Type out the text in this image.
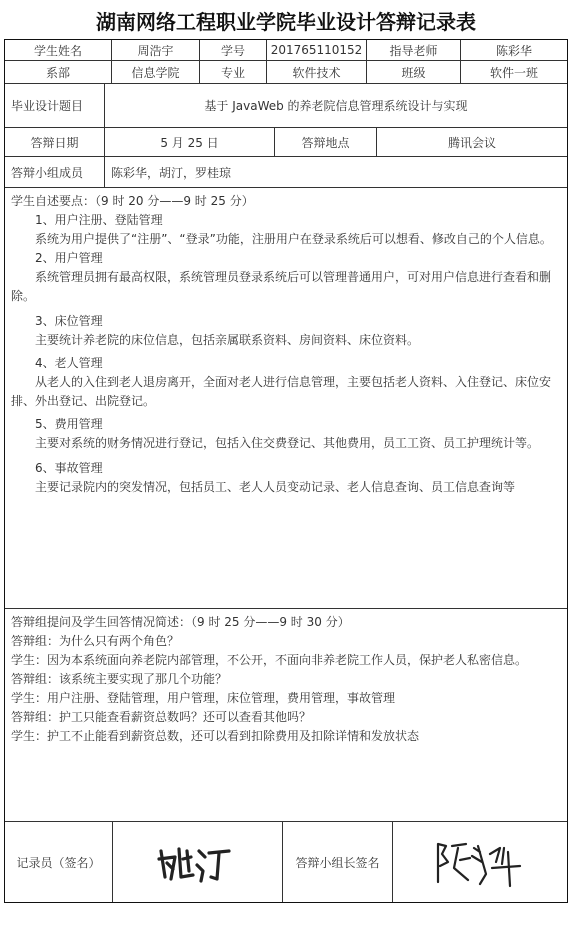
湖南网络工程职业学院毕业设计答辩记录表
学生姓名	周浩宇	学号	201765110152	指导老师	陈彩华
系部	信息学院	专业	软件技术	班级	软件一班
毕业设计题目	基于 JavaWeb 的养老院信息管理系统设计与实现
答辩日期	5 月 25 日	答辩地点	腾讯会议
答辩小组成员	陈彩华，胡汀，罗桂琼

学生自述要点：（9 时 20 分——9 时 25 分）

1、用户注册、登陆管理

系统为用户提供了“注册”、“登录”功能，注册用户在登录系统后可以想看、修改自己的个人信息。

2、用户管理

系统管理员拥有最高权限，系统管理员登录系统后可以管理普通用户，可对用户信息进行查看和删除。

3、床位管理

主要统计养老院的床位信息，包括亲属联系资料、房间资料、床位资料。

4、老人管理

从老人的入住到老人退房离开，全面对老人进行信息管理，主要包括老人资料、入住登记、床位安排、外出登记、出院登记。

5、费用管理

主要对系统的财务情况进行登记，包括入住交费登记、其他费用，员工工资、员工护理统计等。

6、事故管理

主要记录院内的突发情况，包括员工、老人人员变动记录、老人信息查询、员工信息查询等

答辩组提问及学生回答情况简述：（9 时 25 分——9 时 30 分）

答辩组：为什么只有两个角色？

学生：因为本系统面向养老院内部管理，不公开，不面向非养老院工作人员，保护老人私密信息。

答辩组：该系统主要实现了那几个功能？

学生：用户注册、登陆管理，用户管理，床位管理，费用管理，事故管理

答辩组：护工只能查看薪资总数吗？还可以查看其他吗？

学生：护工不止能看到薪资总数，还可以看到扣除费用及扣除详情和发放状态

记录员（签名）	答辩小组长签名
